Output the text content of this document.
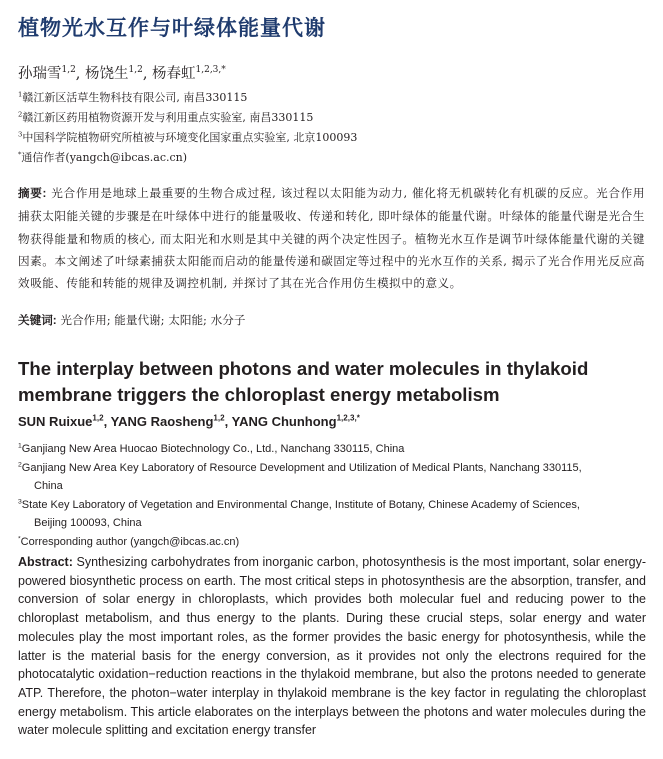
植物光水互作与叶绿体能量代谢
孙瑞雪$^{1,2}$, 杨饶生$^{1,2}$, 杨春虹$^{1,2,3,*}$
$^1$赣江新区活草生物科技有限公司, 南昌330115
$^2$赣江新区药用植物资源开发与利用重点实验室, 南昌330115
$^3$中国科学院植物研究所植被与环境变化国家重点实验室, 北京100093
*通信作者(yangch@ibcas.ac.cn)
摘要: 光合作用是地球上最重要的生物合成过程, 该过程以太阳能为动力, 催化将无机碳转化有机碳的反应。光合作用捕获太阳能关键的步骤是在叶绿体中进行的能量吸收、传递和转化, 即叶绿体的能量代谢。叶绿体的能量代谢是光合生物获得能量和物质的核心, 而太阳光和水则是其中关键的两个决定性因子。植物光水互作是调节叶绿体能量代谢的关键因素。本文阐述了叶绿素捕获太阳能而启动的能量传递和碳固定等过程中的光水互作的关系, 揭示了光合作用光反应高效吸能、传能和转能的规律及调控机制, 并探讨了其在光合作用仿生模拟中的意义。
关键词: 光合作用; 能量代谢; 太阳能; 水分子
The interplay between photons and water molecules in thylakoid membrane triggers the chloroplast energy metabolism
SUN Ruixue$^{1,2}$, YANG Raosheng$^{1,2}$, YANG Chunhong$^{1,2,3,*}$
$^1$Ganjiang New Area Huocao Biotechnology Co., Ltd., Nanchang 330115, China
$^2$Ganjiang New Area Key Laboratory of Resource Development and Utilization of Medical Plants, Nanchang 330115,
China
$^3$State Key Laboratory of Vegetation and Environmental Change, Institute of Botany, Chinese Academy of Sciences,
Beijing 100093, China
*Corresponding author (yangch@ibcas.ac.cn)
Abstract: Synthesizing carbohydrates from inorganic carbon, photosynthesis is the most important, solar energy-powered biosynthetic process on earth. The most critical steps in photosynthesis are the absorption, transfer, and conversion of solar energy in chloroplasts, which provides both molecular fuel and reducing power to the chloroplast metabolism, and thus energy to the plants. During these crucial steps, solar energy and water molecules play the most important roles, as the former provides the basic energy for photosynthesis, while the latter is the material basis for the energy conversion, as it provides not only the electrons required for the photocatalytic oxidation−reduction reactions in the thylakoid membrane, but also the protons needed to generate ATP. Therefore, the photon−water interplay in thylakoid membrane is the key factor in regulating the chloroplast energy metabolism. This article elaborates on the interplays between the photons and water molecules during the water molecule splitting and excitation energy transfer
